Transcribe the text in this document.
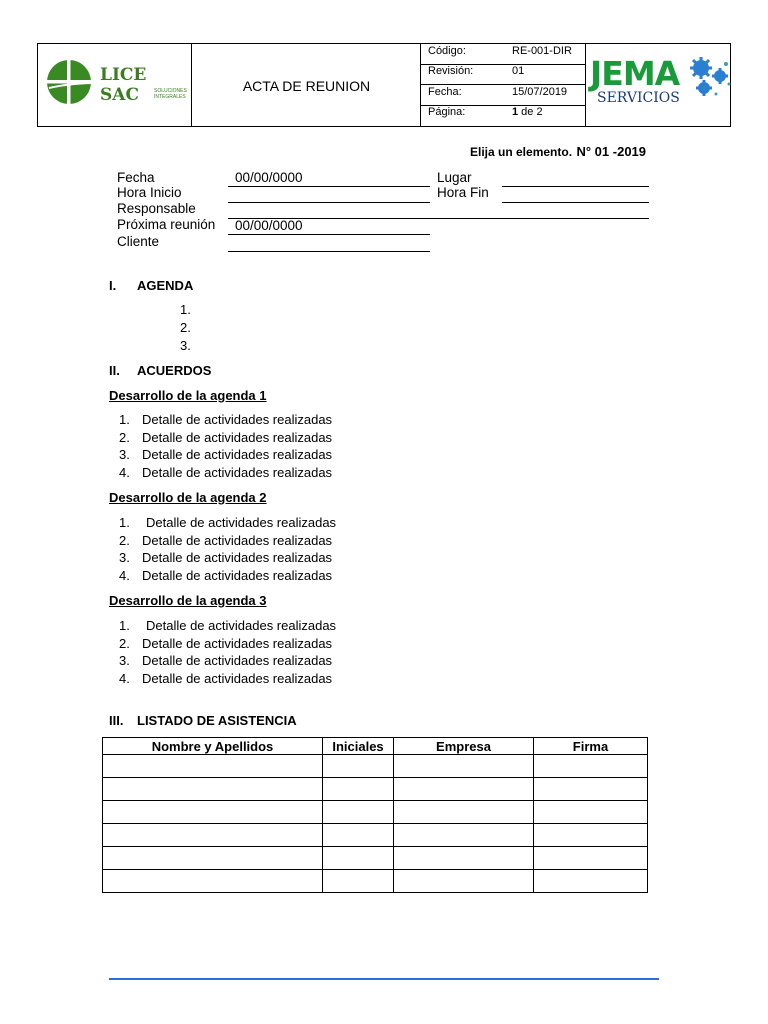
LICE SAC	SOLUCIONES INTEGRALES
ACTA DE REUNION
Código:	RE-001-DIR
Revisión:	01
Fecha:	15/07/2019
Página:	1 de 2
JEMA
SERVICIOS
Elija un elemento. N° 01 -2019
Fecha	00/00/0000
Hora Inicio
Responsable
Próxima reunión 00/00/0000
Cliente
Lugar
Hora Fin
I. AGENDA
1.
2.
3.
II. ACUERDOS
Desarrollo de la agenda 1
1. Detalle de actividades realizadas
2. Detalle de actividades realizadas
3. Detalle de actividades realizadas
4. Detalle de actividades realizadas
Desarrollo de la agenda 2
1. Detalle de actividades realizadas
2. Detalle de actividades realizadas
3. Detalle de actividades realizadas
4. Detalle de actividades realizadas
Desarrollo de la agenda 3
1. Detalle de actividades realizadas
2. Detalle de actividades realizadas
3. Detalle de actividades realizadas
4. Detalle de actividades realizadas
III. LISTADO DE ASISTENCIA
Nombre y Apellidos	Iniciales	Empresa	Firma
